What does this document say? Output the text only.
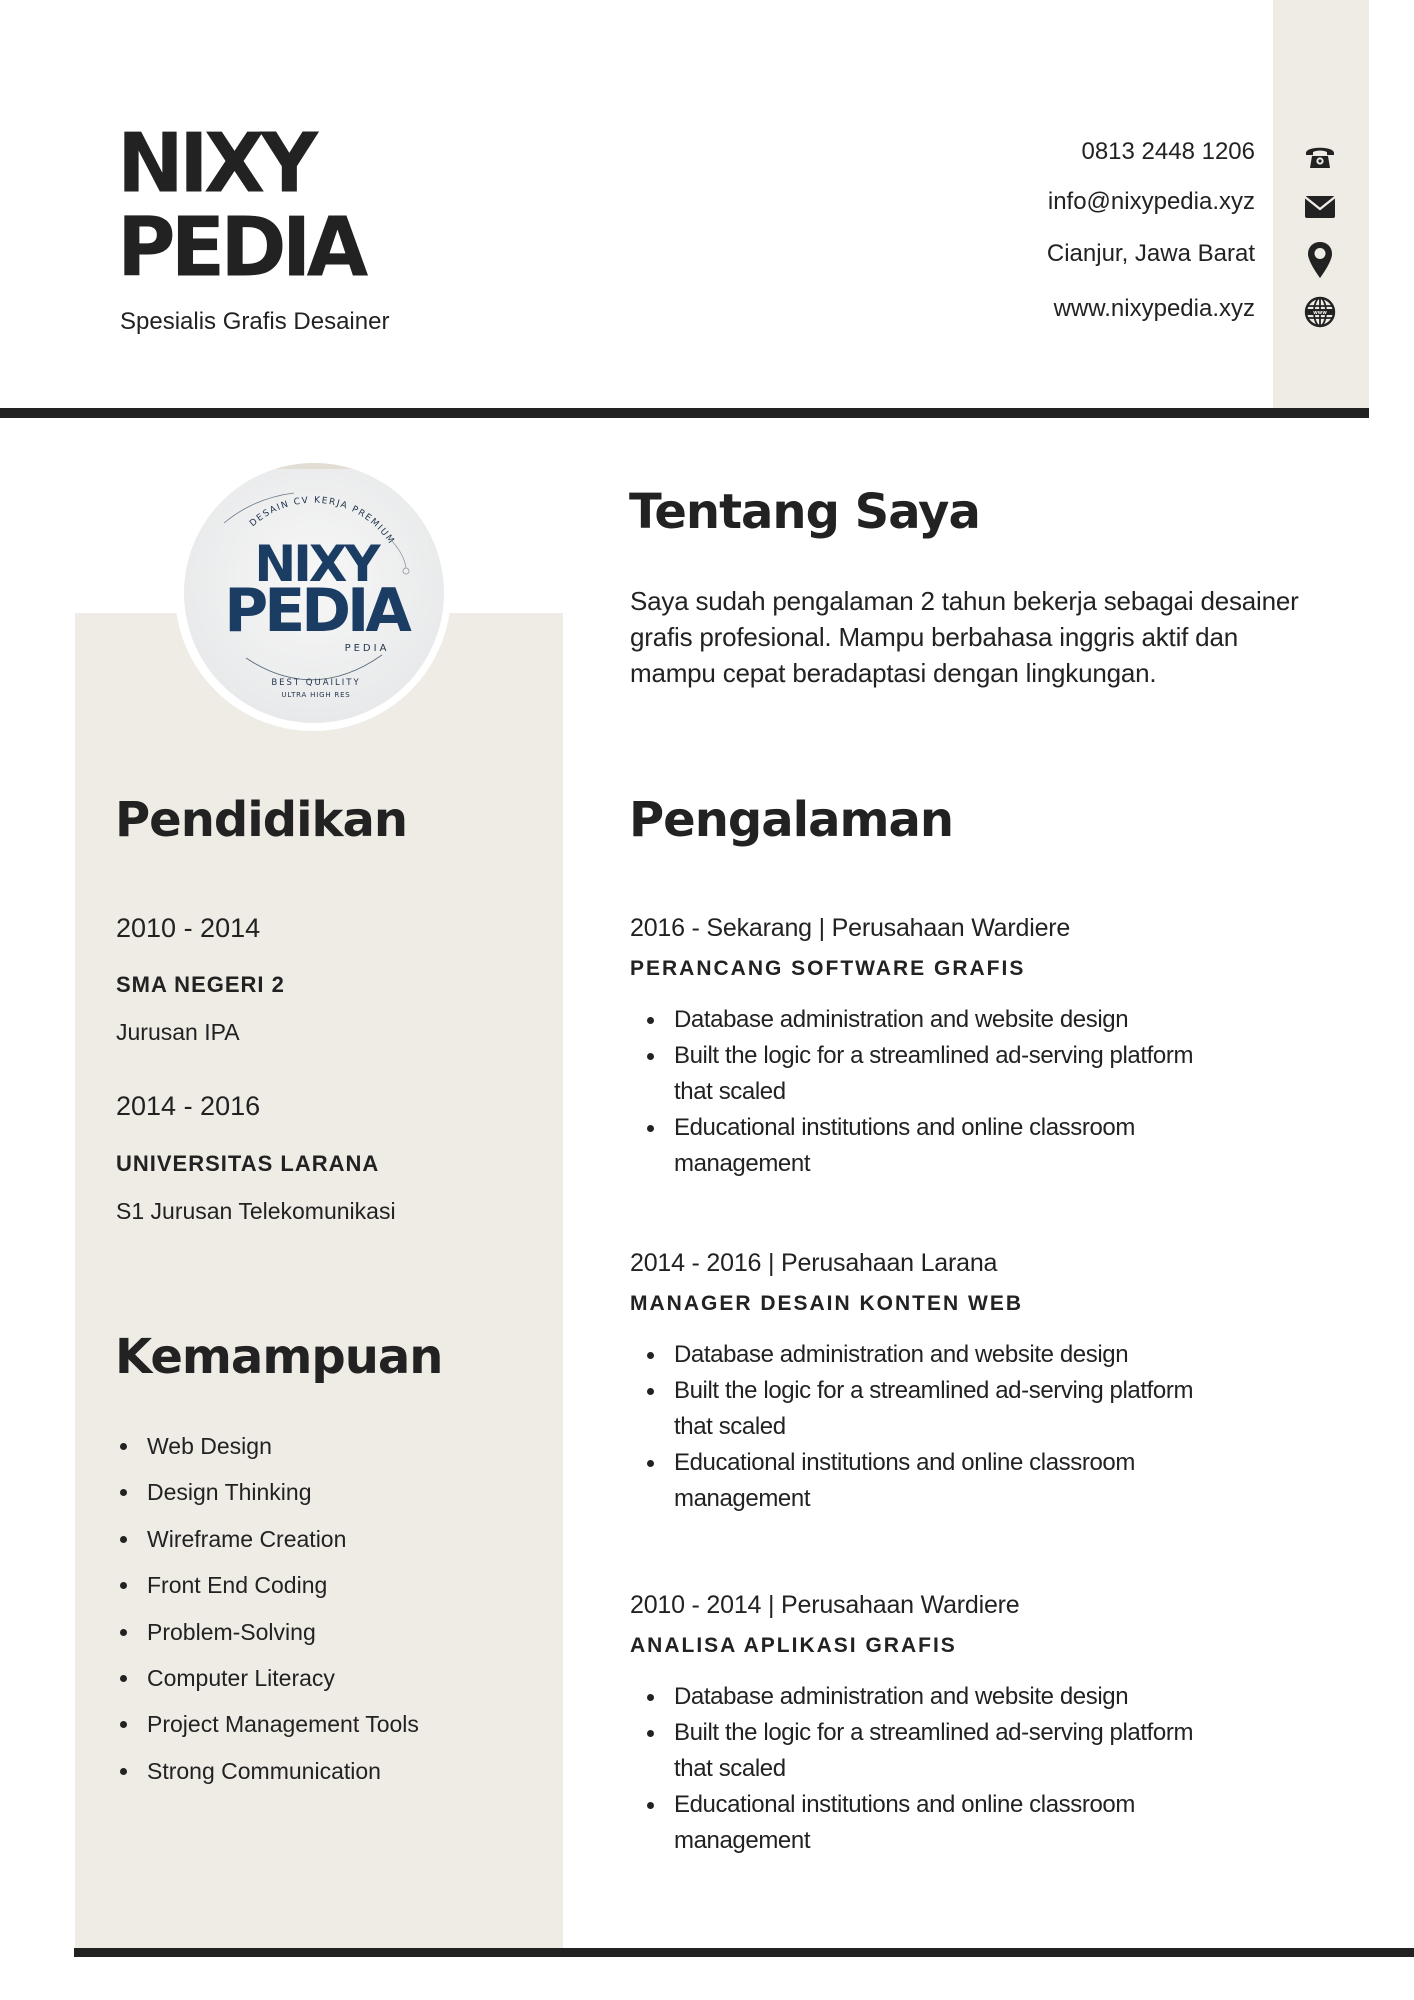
NIXY
PEDIA
Spesialis Grafis Desainer
0813 2448 1206
info@nixypedia.xyz
Cianjur, Jawa Barat
www.nixypedia.xyz	www
DESAIN CV KERJA PREMIUM
NIXY
PEDIA
PEDIA
BEST QUAILITY
ULTRA HIGH RES
Pendidikan
2010 - 2014
SMA NEGERI 2
Jurusan IPA
2014 - 2016
UNIVERSITAS LARANA
S1 Jurusan Telekomunikasi
Kemampuan
Web Design
Design Thinking
Wireframe Creation
Front End Coding
Problem-Solving
Computer Literacy
Project Management Tools
Strong Communication
Tentang Saya
Saya sudah pengalaman 2 tahun bekerja sebagai desainer
grafis profesional. Mampu berbahasa inggris aktif dan
mampu cepat beradaptasi dengan lingkungan.
Pengalaman
2016 - Sekarang | Perusahaan Wardiere
PERANCANG SOFTWARE GRAFIS
Database administration and website design
Built the logic for a streamlined ad-serving platform
that scaled
Educational institutions and online classroom
management
2014 - 2016 | Perusahaan Larana
MANAGER DESAIN KONTEN WEB
Database administration and website design
Built the logic for a streamlined ad-serving platform
that scaled
Educational institutions and online classroom
management
2010 - 2014 | Perusahaan Wardiere
ANALISA APLIKASI GRAFIS
Database administration and website design
Built the logic for a streamlined ad-serving platform
that scaled
Educational institutions and online classroom
management
